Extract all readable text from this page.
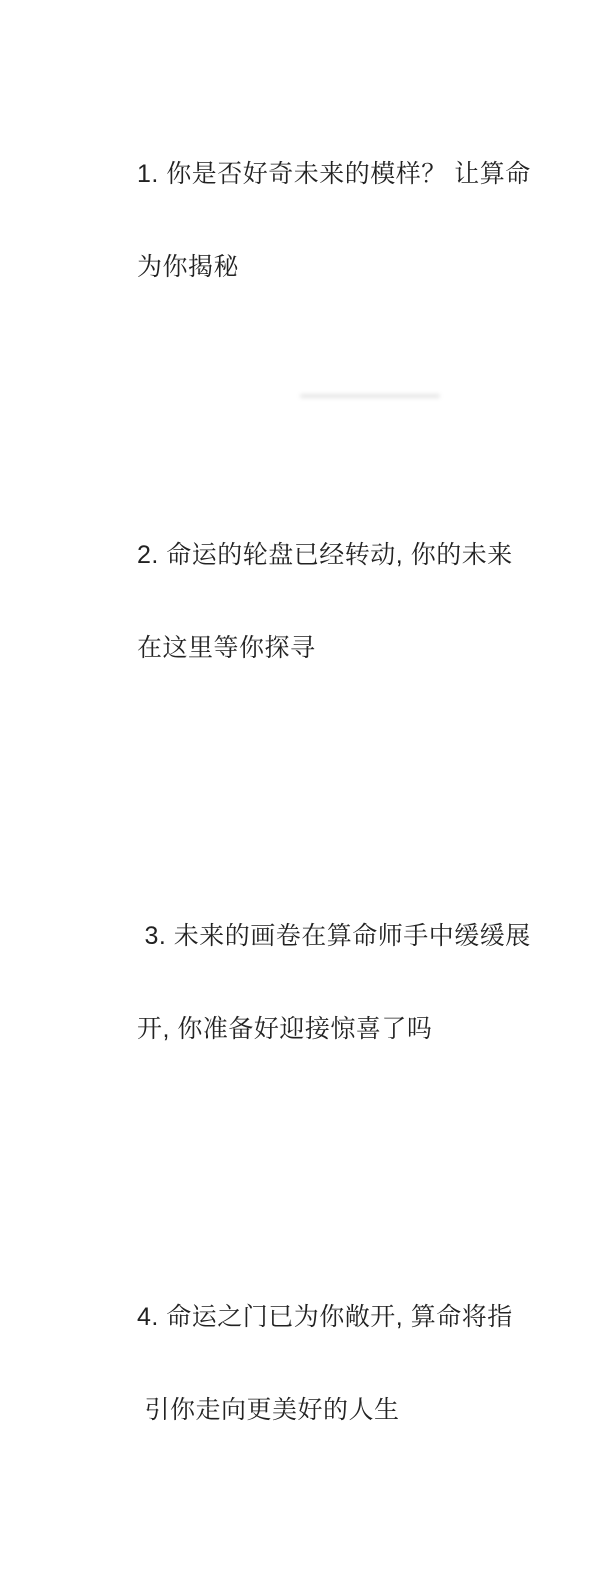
1. 你是否好奇未来的模样？ 让算命

为你揭秘

2. 命运的轮盘已经转动, 你的未来

在这里等你探寻

3. 未来的画卷在算命师手中缓缓展

开, 你准备好迎接惊喜了吗

4. 命运之门已为你敞开, 算命将指

引你走向更美好的人生
